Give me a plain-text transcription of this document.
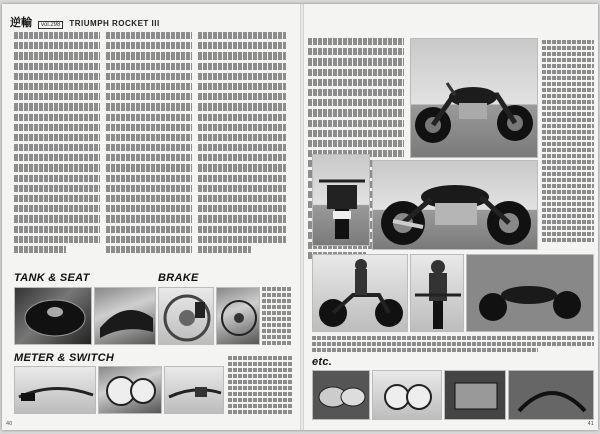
逆輸	vol.298	TRIUMPH ROCKET III
TANK & SEAT	BRAKE
METER & SWITCH
40
etc.
41
